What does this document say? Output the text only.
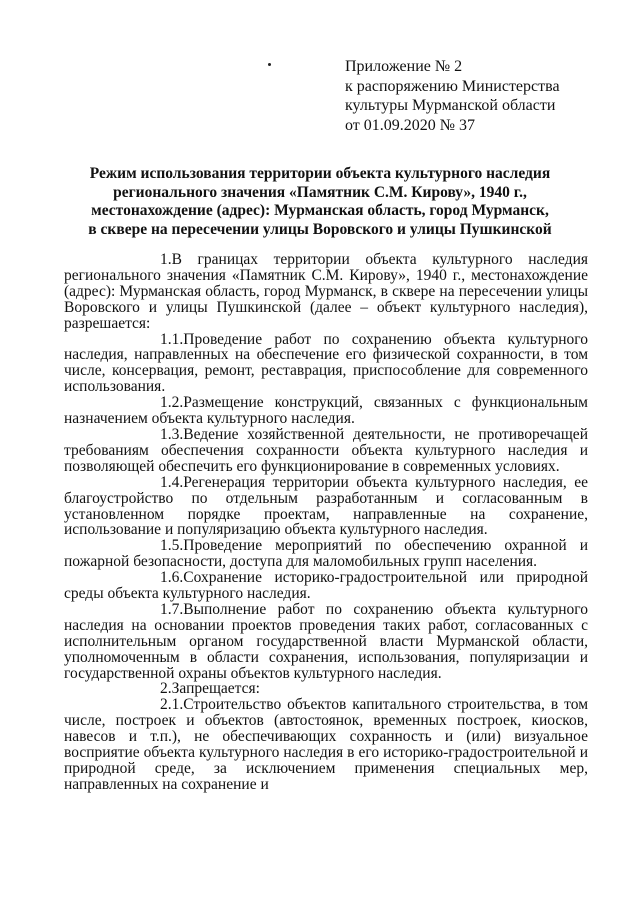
Приложение № 2
к распоряжению Министерства
культуры Мурманской области
от 01.09.2020 № 37
Режим использования территории объекта культурного наследия
регионального значения «Памятник С.М. Кирову», 1940 г.,
местонахождение (адрес): Мурманская область, город Мурманск,
в сквере на пересечении улицы Воровского и улицы Пушкинской

1.В границах территории объекта культурного наследия регионального значения «Памятник С.М. Кирову», 1940 г., местонахождение (адрес): Мурманская область, город Мурманск, в сквере на пересечении улицы Воровского и улицы Пушкинской (далее – объект культурного наследия), разрешается:

1.1.Проведение работ по сохранению объекта культурного наследия, направленных на обеспечение его физической сохранности, в том числе, консервация, ремонт, реставрация, приспособление для современного использования.

1.2.Размещение конструкций, связанных с функциональным назначением объекта культурного наследия.

1.3.Ведение хозяйственной деятельности, не противоречащей требованиям обеспечения сохранности объекта культурного наследия и позволяющей обеспечить его функционирование в современных условиях.

1.4.Регенерация территории объекта культурного наследия, ее благоустройство по отдельным разработанным и согласованным в установленном порядке проектам, направленные на сохранение, использование и популяризацию объекта культурного наследия.

1.5.Проведение мероприятий по обеспечению охранной и пожарной безопасности, доступа для маломобильных групп населения.

1.6.Сохранение историко-градостроительной или природной среды объекта культурного наследия.

1.7.Выполнение работ по сохранению объекта культурного наследия на основании проектов проведения таких работ, согласованных с исполнительным органом государственной власти Мурманской области, уполномоченным в области сохранения, использования, популяризации и государственной охраны объектов культурного наследия.

2.Запрещается:

2.1.Строительство объектов капитального строительства, в том числе, построек и объектов (автостоянок, временных построек, киосков, навесов и т.п.), не обеспечивающих сохранность и (или) визуальное восприятие объекта культурного наследия в его историко-градостроительной и природной среде, за исключением применения специальных мер, направленных на сохранение и
